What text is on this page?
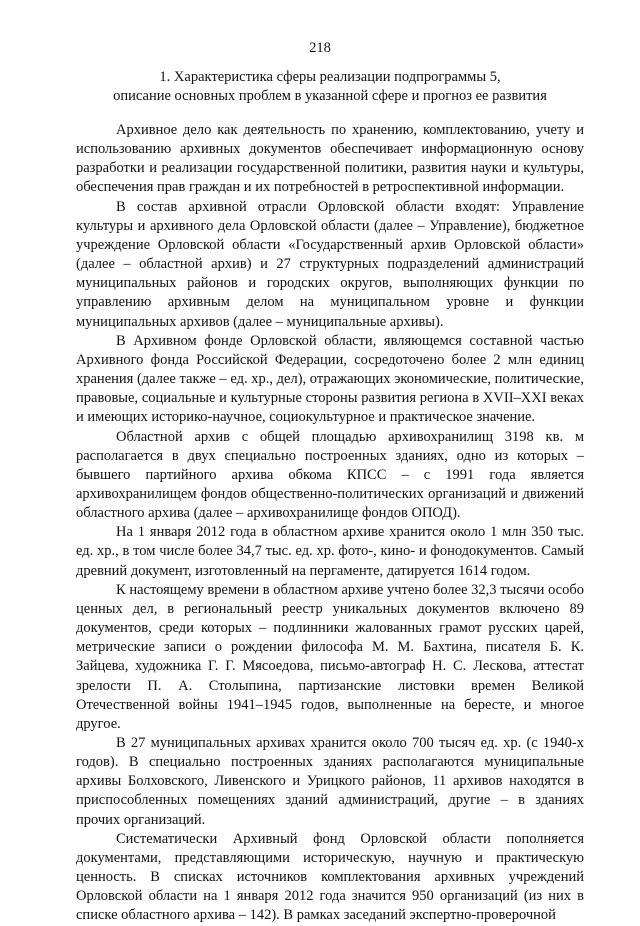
218
1. Характеристика сферы реализации подпрограммы 5,
описание основных проблем в указанной сфере и прогноз ее развития

Архивное дело как деятельность по хранению, комплектованию, учету и использованию архивных документов обеспечивает информационную основу разработки и реализации государственной политики, развития науки и культуры, обеспечения прав граждан и их потребностей в ретроспективной информации.

В состав архивной отрасли Орловской области входят: Управление культуры и архивного дела Орловской области (далее – Управление), бюджетное учреждение Орловской области «Государственный архив Орловской области» (далее – областной архив) и 27 структурных подразделений администраций муниципальных районов и городских округов, выполняющих функции по управлению архивным делом на муниципальном уровне и функции муниципальных архивов (далее – муниципальные архивы).

В Архивном фонде Орловской области, являющемся составной частью Архивного фонда Российской Федерации, сосредоточено более 2 млн единиц хранения (далее также – ед. хр., дел), отражающих экономические, политические, правовые, социальные и культурные стороны развития региона в XVII–XXI веках и имеющих историко-научное, социокультурное и практическое значение.

Областной архив с общей площадью архивохранилищ 3198 кв. м располагается в двух специально построенных зданиях, одно из которых – бывшего партийного архива обкома КПСС – с 1991 года является архивохранилищем фондов общественно-политических организаций и движений областного архива (далее – архивохранилище фондов ОПОД).

На 1 января 2012 года в областном архиве хранится около 1 млн 350 тыс. ед. хр., в том числе более 34,7 тыс. ед. хр. фото-, кино- и фонодокументов. Самый древний документ, изготовленный на пергаменте, датируется 1614 годом.

К настоящему времени в областном архиве учтено более 32,3 тысячи особо ценных дел, в региональный реестр уникальных документов включено 89 документов, среди которых – подлинники жалованных грамот русских царей, метрические записи о рождении философа М. М. Бахтина, писателя Б. К. Зайцева, художника Г. Г. Мясоедова, письмо-автограф Н. С. Лескова, аттестат зрелости П. А. Столыпина, партизанские листовки времен Великой Отечественной войны 1941–1945 годов, выполненные на бересте, и многое другое.

В 27 муниципальных архивах хранится около 700 тысяч ед. хр. (с 1940-х годов). В специально построенных зданиях располагаются муниципальные архивы Болховского, Ливенского и Урицкого районов, 11 архивов находятся в приспособленных помещениях зданий администраций, другие – в зданиях прочих организаций.

Систематически Архивный фонд Орловской области пополняется документами, представляющими историческую, научную и практическую ценность. В списках источников комплектования архивных учреждений Орловской области на 1 января 2012 года значится 950 организаций (из них в списке областного архива – 142). В рамках заседаний экспертно-проверочной
